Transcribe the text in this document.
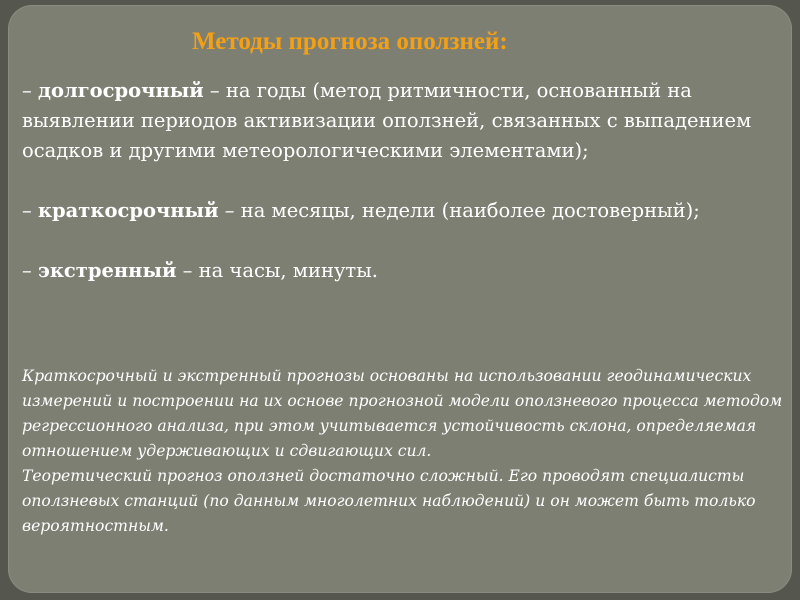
Методы прогноза оползней:

– долгосрочный – на годы (метод ритмичности, основанный на выявлении периодов активизации оползней, связанных с выпадением осадков и другими метеорологическими элементами);

– краткосрочный – на месяцы, недели (наиболее достоверный);

– экстренный – на часы, минуты.

Краткосрочный и экстренный прогнозы основаны на использовании геодинамических измерений и построении на их основе прогнозной модели оползневого процесса методом регрессионного анализа, при этом учитывается устойчивость склона, определяемая отношением удерживающих и сдвигающих сил.

Теоретический прогноз оползней достаточно сложный. Его проводят специалисты оползневых станций (по данным многолетних наблюдений) и он может быть только вероятностным.
